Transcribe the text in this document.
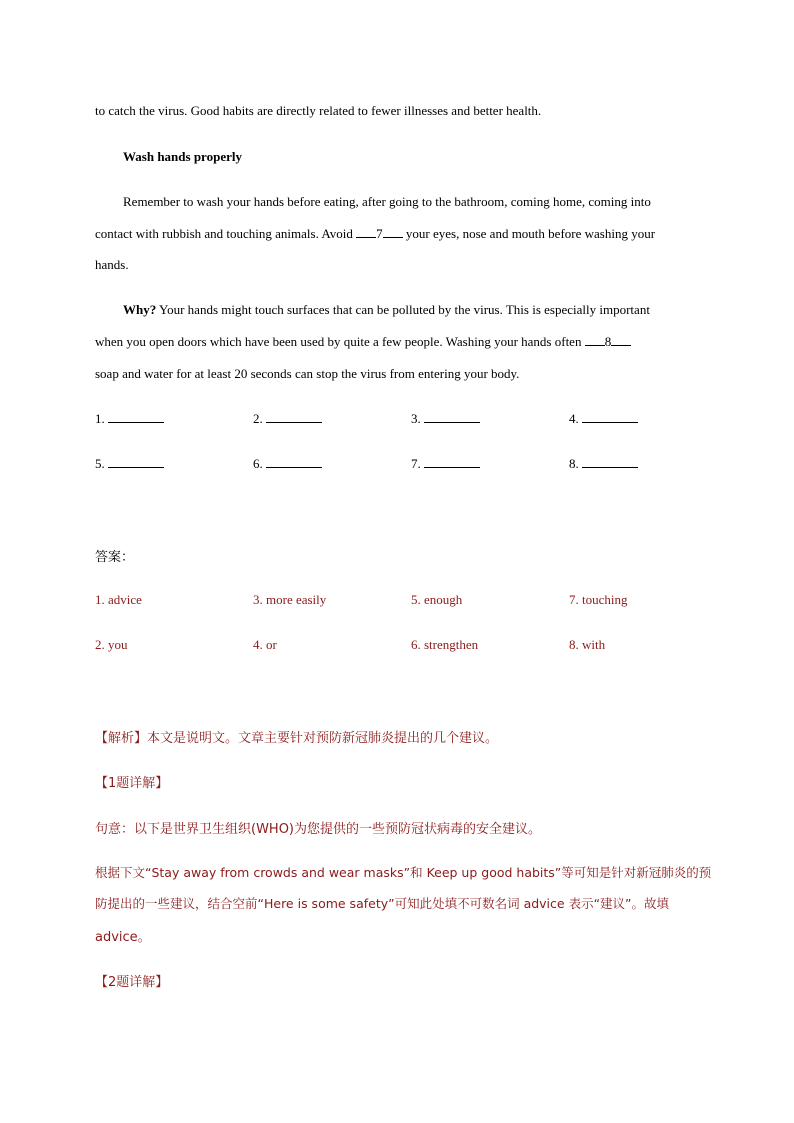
to catch the virus. Good habits are directly related to fewer illnesses and better health.
Wash hands properly
Remember to wash your hands before eating, after going to the bathroom, coming home, coming into
contact with rubbish and touching animals. Avoid 7 your eyes, nose and mouth before washing your
hands.
Why? Your hands might touch surfaces that can be polluted by the virus. This is especially important
when you open doors which have been used by quite a few people. Washing your hands often 8
soap and water for at least 20 seconds can stop the virus from entering your body.
1.	2.	3.	4.
5.	6.	7.	8.
答案：
1. advice	3. more easily	5. enough	7. touching
2. you	4. or	6. strengthen	8. with
【解析】本文是说明文。文章主要针对预防新冠肺炎提出的几个建议。
【1题详解】
句意：以下是世界卫生组织(WHO)为您提供的一些预防冠状病毒的安全建议。
根据下文“Stay away from crowds and wear masks”和 Keep up good habits”等可知是针对新冠肺炎的预
防提出的一些建议，结合空前“Here is some safety”可知此处填不可数名词 advice 表示“建议”。故填
advice。
【2题详解】
